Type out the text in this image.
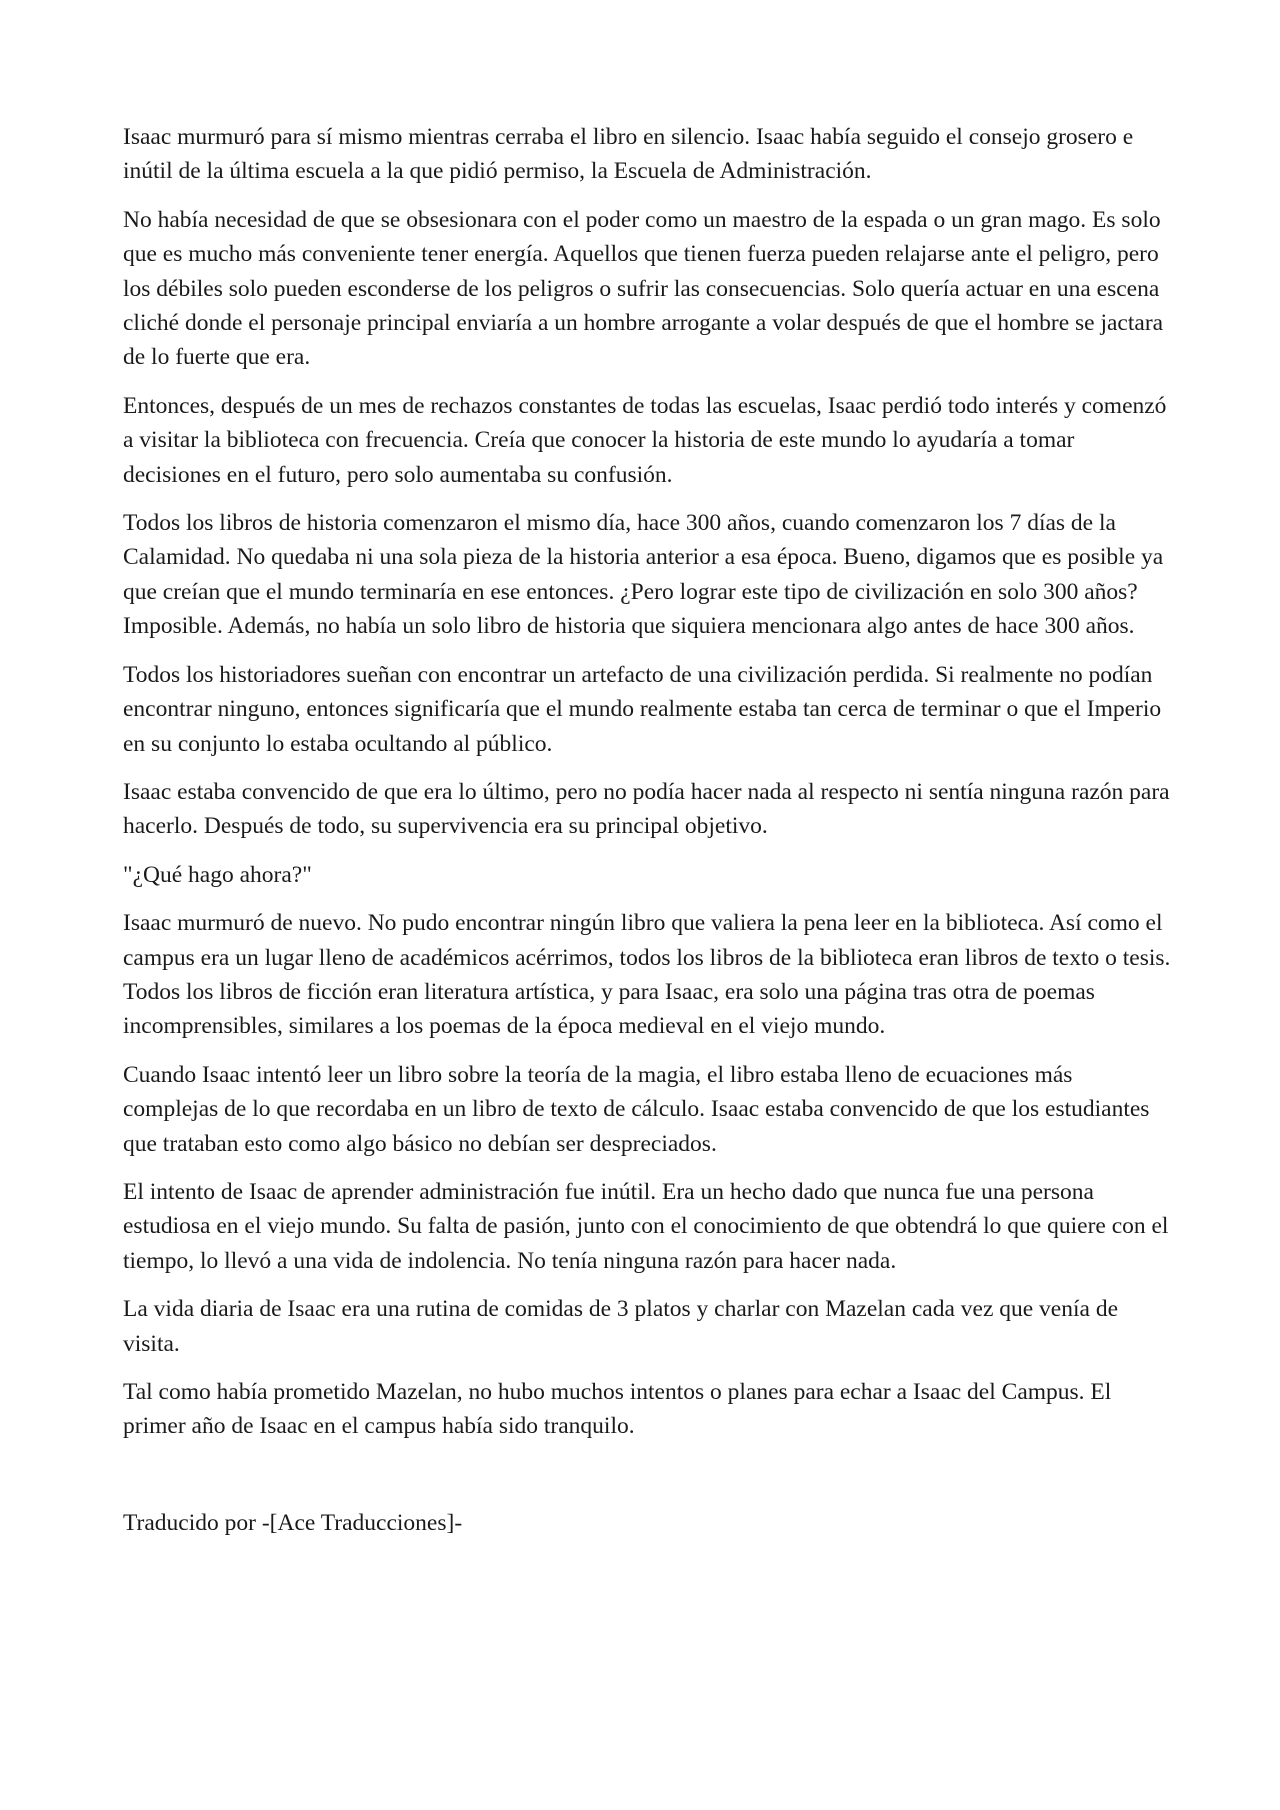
Isaac murmuró para sí mismo mientras cerraba el libro en silencio. Isaac había seguido el consejo grosero e inútil de la última escuela a la que pidió permiso, la Escuela de Administración.

No había necesidad de que se obsesionara con el poder como un maestro de la espada o un gran mago. Es solo que es mucho más conveniente tener energía. Aquellos que tienen fuerza pueden relajarse ante el peligro, pero los débiles solo pueden esconderse de los peligros o sufrir las consecuencias. Solo quería actuar en una escena cliché donde el personaje principal enviaría a un hombre arrogante a volar después de que el hombre se jactara de lo fuerte que era.

Entonces, después de un mes de rechazos constantes de todas las escuelas, Isaac perdió todo interés y comenzó a visitar la biblioteca con frecuencia. Creía que conocer la historia de este mundo lo ayudaría a tomar decisiones en el futuro, pero solo aumentaba su confusión.

Todos los libros de historia comenzaron el mismo día, hace 300 años, cuando comenzaron los 7 días de la Calamidad. No quedaba ni una sola pieza de la historia anterior a esa época. Bueno, digamos que es posible ya que creían que el mundo terminaría en ese entonces. ¿Pero lograr este tipo de civilización en solo 300 años? Imposible. Además, no había un solo libro de historia que siquiera mencionara algo antes de hace 300 años.

Todos los historiadores sueñan con encontrar un artefacto de una civilización perdida. Si realmente no podían encontrar ninguno, entonces significaría que el mundo realmente estaba tan cerca de terminar o que el Imperio en su conjunto lo estaba ocultando al público.

Isaac estaba convencido de que era lo último, pero no podía hacer nada al respecto ni sentía ninguna razón para hacerlo. Después de todo, su supervivencia era su principal objetivo.

"¿Qué hago ahora?"

Isaac murmuró de nuevo. No pudo encontrar ningún libro que valiera la pena leer en la biblioteca. Así como el campus era un lugar lleno de académicos acérrimos, todos los libros de la biblioteca eran libros de texto o tesis. Todos los libros de ficción eran literatura artística, y para Isaac, era solo una página tras otra de poemas incomprensibles, similares a los poemas de la época medieval en el viejo mundo.

Cuando Isaac intentó leer un libro sobre la teoría de la magia, el libro estaba lleno de ecuaciones más complejas de lo que recordaba en un libro de texto de cálculo. Isaac estaba convencido de que los estudiantes que trataban esto como algo básico no debían ser despreciados.

El intento de Isaac de aprender administración fue inútil. Era un hecho dado que nunca fue una persona estudiosa en el viejo mundo. Su falta de pasión, junto con el conocimiento de que obtendrá lo que quiere con el tiempo, lo llevó a una vida de indolencia. No tenía ninguna razón para hacer nada.

La vida diaria de Isaac era una rutina de comidas de 3 platos y charlar con Mazelan cada vez que venía de visita.

Tal como había prometido Mazelan, no hubo muchos intentos o planes para echar a Isaac del Campus. El primer año de Isaac en el campus había sido tranquilo.

Traducido por -[Ace Traducciones]-
